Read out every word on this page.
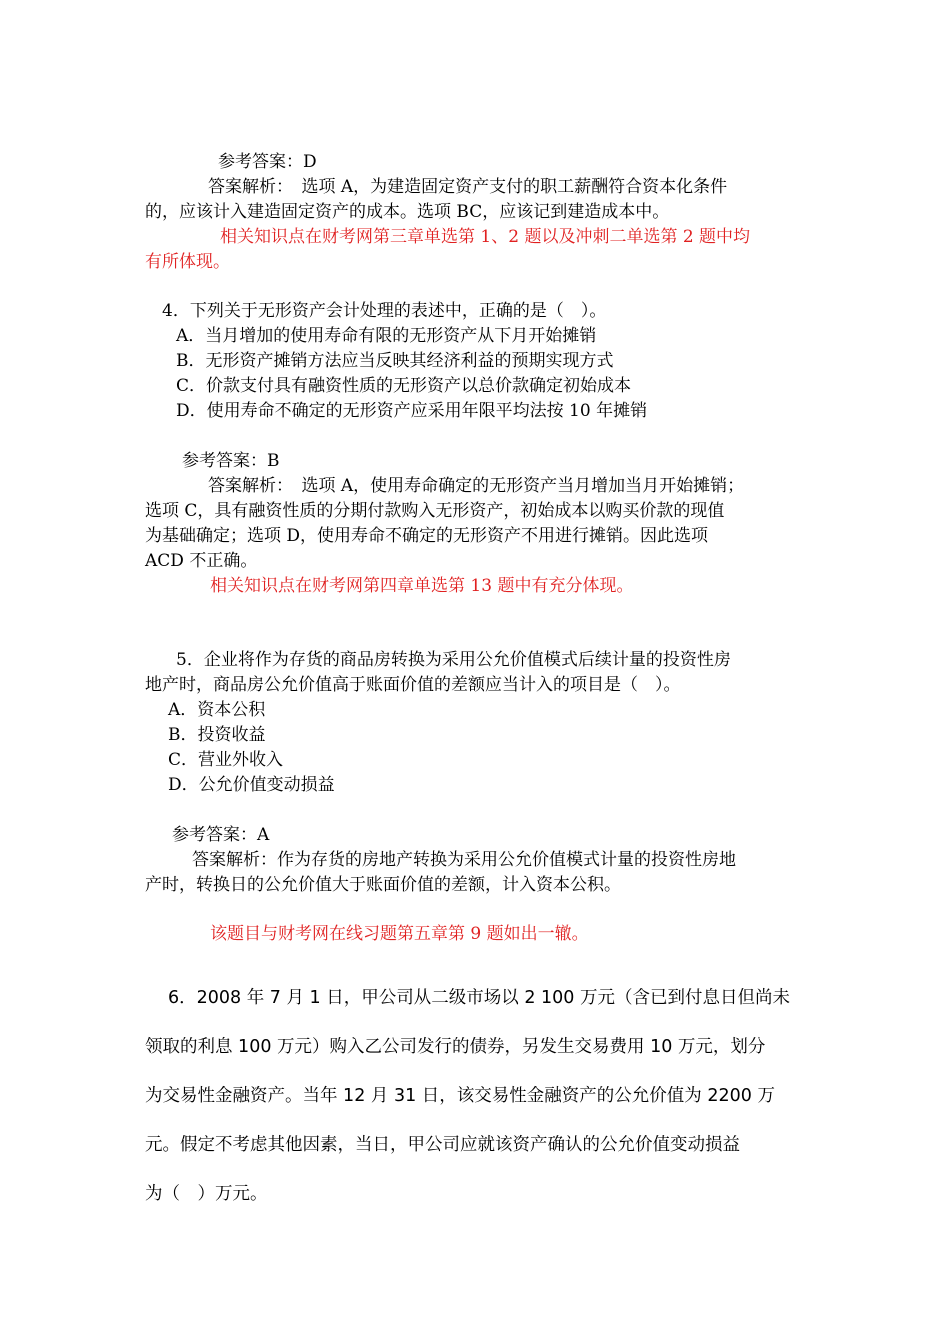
参考答案：D
答案解析：　选项 A，为建造固定资产支付的职工薪酬符合资本化条件
的，应该计入建造固定资产的成本。选项 BC，应该记到建造成本中。
相关知识点在财考网第三章单选第 1、2 题以及冲刺二单选第 2 题中均
有所体现。
4．下列关于无形资产会计处理的表述中，正确的是（　）。
A．当月增加的使用寿命有限的无形资产从下月开始摊销
B．无形资产摊销方法应当反映其经济利益的预期实现方式
C．价款支付具有融资性质的无形资产以总价款确定初始成本
D．使用寿命不确定的无形资产应采用年限平均法按 10 年摊销
参考答案：B
答案解析：　选项 A，使用寿命确定的无形资产当月增加当月开始摊销；
选项 C，具有融资性质的分期付款购入无形资产，初始成本以购买价款的现值
为基础确定；选项 D，使用寿命不确定的无形资产不用进行摊销。因此选项
ACD 不正确。
相关知识点在财考网第四章单选第 13 题中有充分体现。
5．企业将作为存货的商品房转换为采用公允价值模式后续计量的投资性房
地产时，商品房公允价值高于账面价值的差额应当计入的项目是（　）。
A．资本公积
B．投资收益
C．营业外收入
D．公允价值变动损益
参考答案：A
答案解析：作为存货的房地产转换为采用公允价值模式计量的投资性房地
产时，转换日的公允价值大于账面价值的差额，计入资本公积。
该题目与财考网在线习题第五章第 9 题如出一辙。
6．2008 年 7 月 1 日，甲公司从二级市场以 2 100 万元（含已到付息日但尚未
领取的利息 100 万元）购入乙公司发行的债券，另发生交易费用 10 万元，划分
为交易性金融资产。当年 12 月 31 日，该交易性金融资产的公允价值为 2200 万
元。假定不考虑其他因素，当日，甲公司应就该资产确认的公允价值变动损益
为（　）万元。
